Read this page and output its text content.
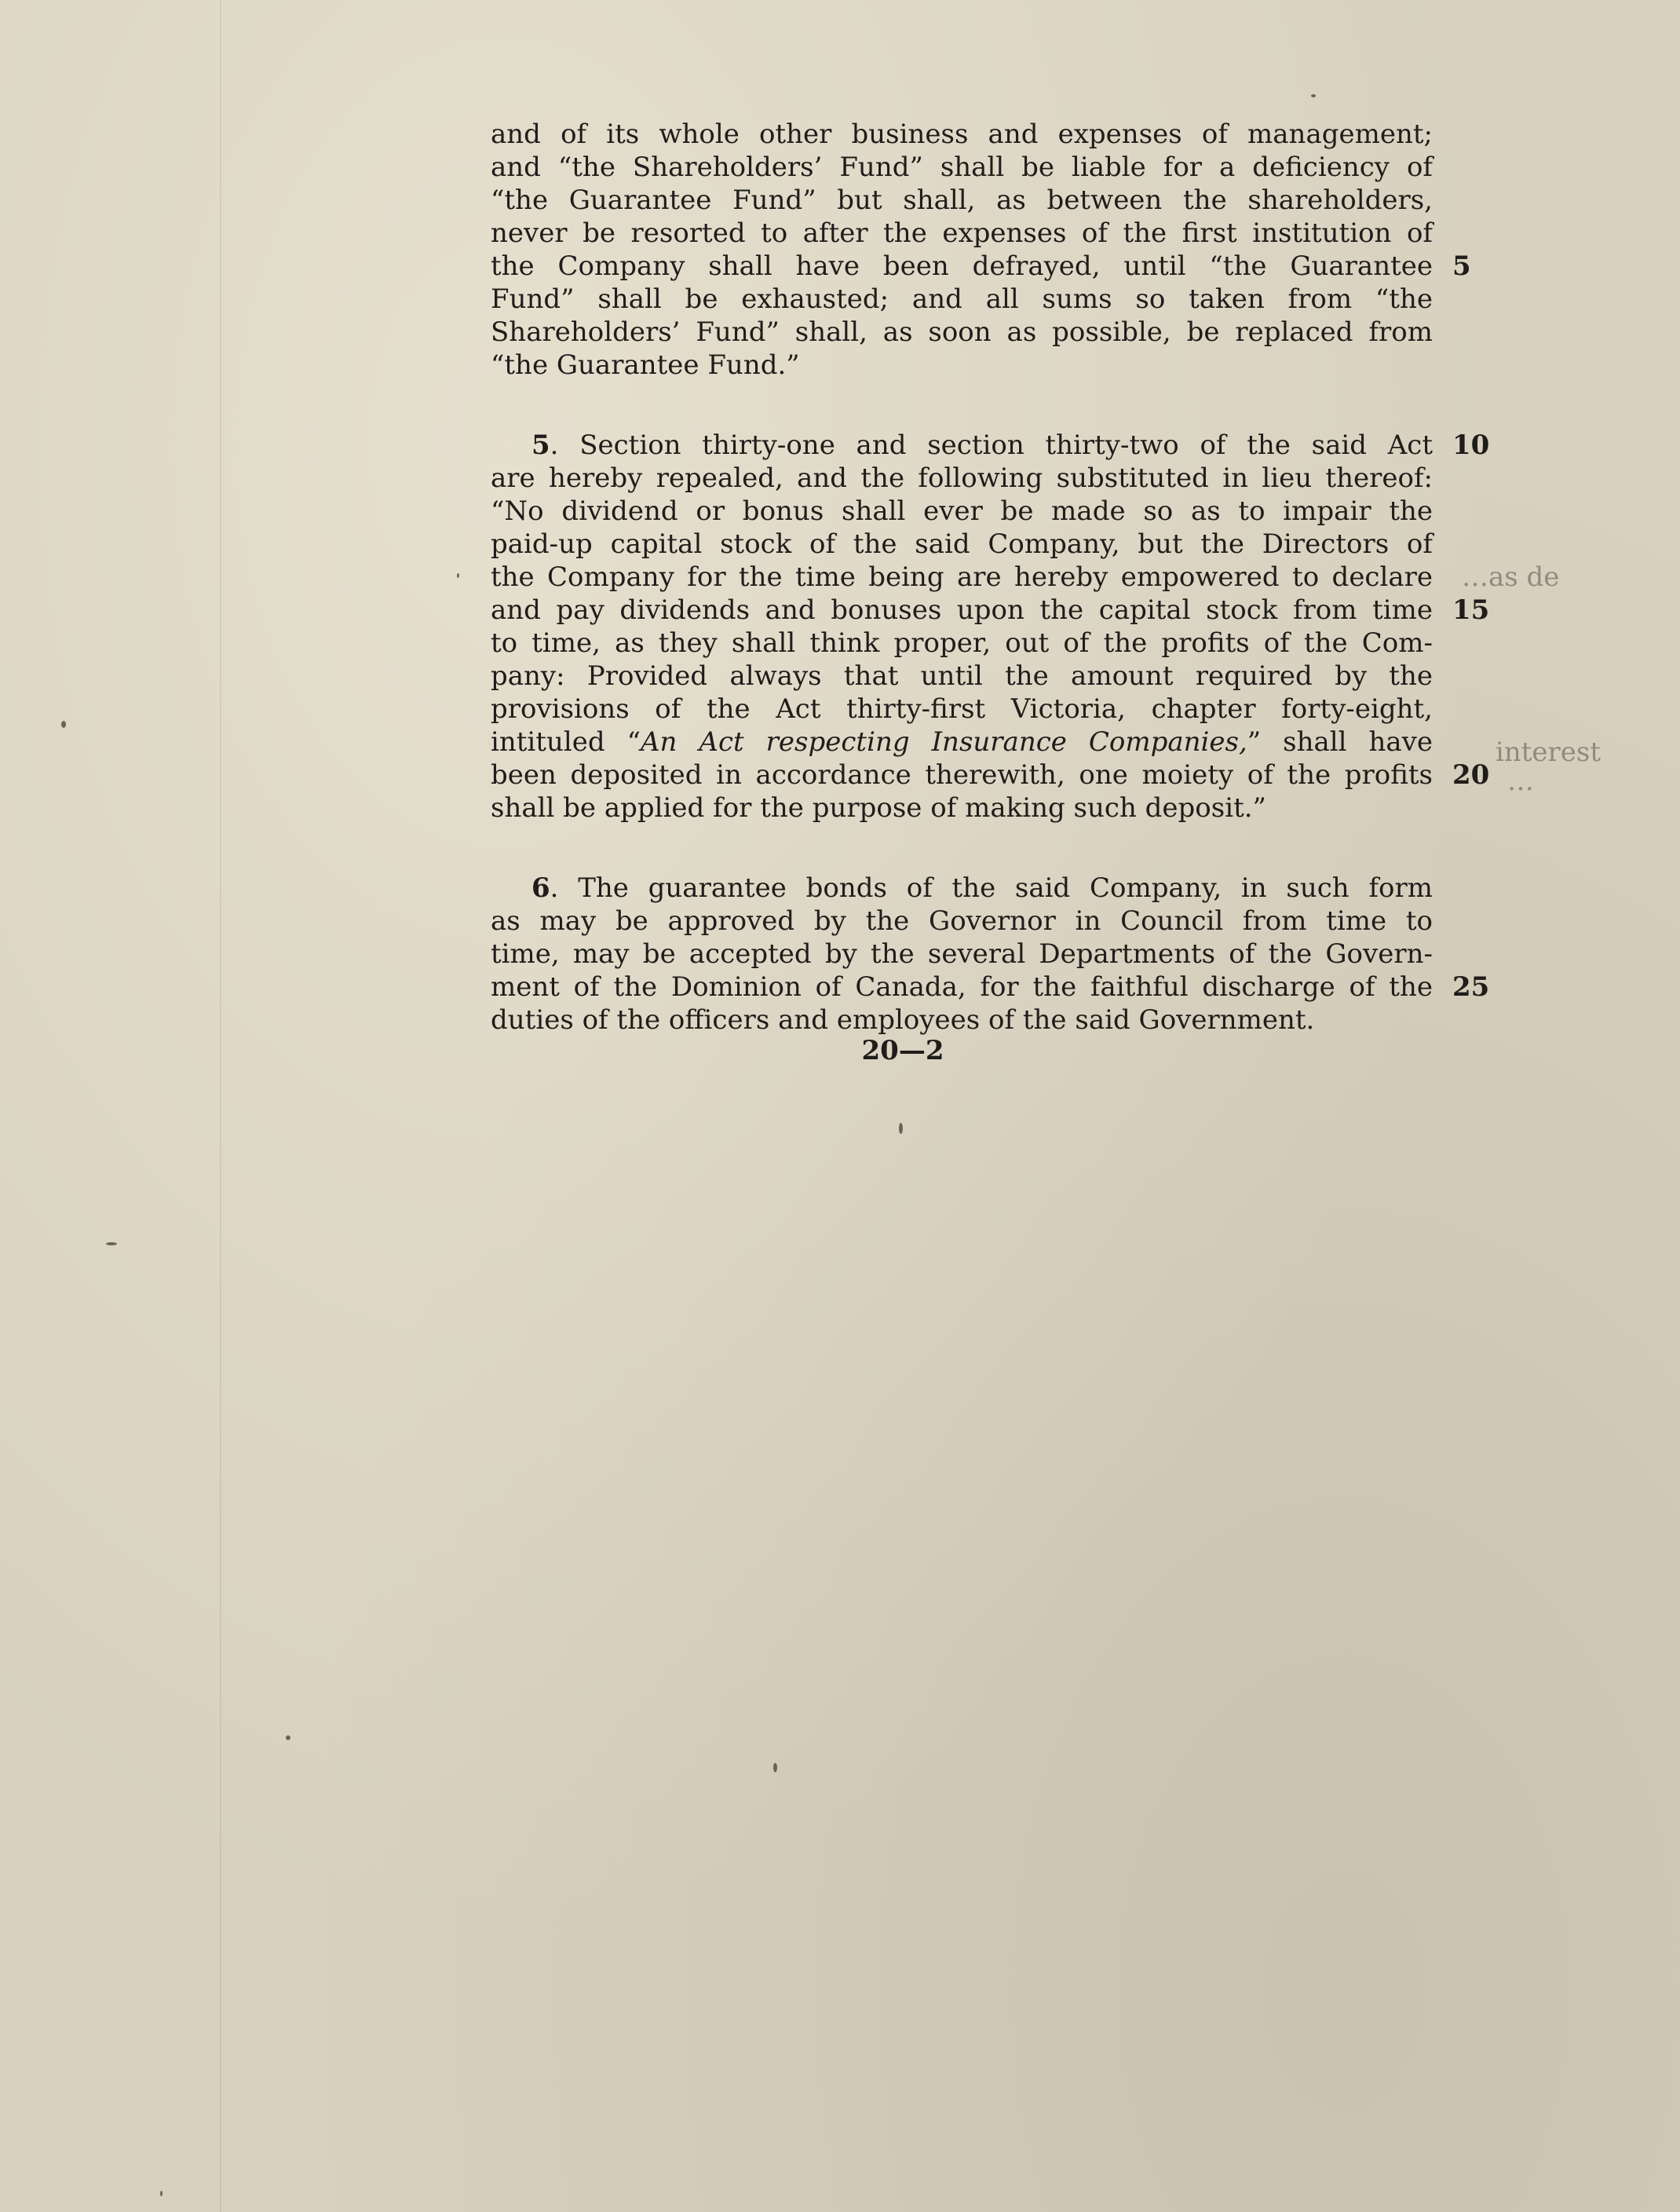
and of its whole other business and expenses of management;
and “the Shareholders’ Fund” shall be liable for a deficiency of
“the Guarantee Fund” but shall, as between the shareholders,
never be resorted to after the expenses of the first institution of
the Company shall have been defrayed, until “the Guarantee 5
Fund” shall be exhausted; and all sums so taken from “the
Shareholders’ Fund” shall, as soon as possible, be replaced from
“the Guarantee Fund.”
5. Section thirty-one and section thirty-two of the said Act 10
are hereby repealed, and the following substituted in lieu thereof:
“No dividend or bonus shall ever be made so as to impair the
paid-up capital stock of the said Company, but the Directors of
the Company for the time being are hereby empowered to declare
and pay dividends and bonuses upon the capital stock from time 15
to time, as they shall think proper, out of the profits of the Com-
pany: Provided always that until the amount required by the
provisions of the Act thirty-first Victoria, chapter forty-eight,
intituled “An Act respecting Insurance Companies,” shall have
been deposited in accordance therewith, one moiety of the profits 20
shall be applied for the purpose of making such deposit.”
6. The guarantee bonds of the said Company, in such form
as may be approved by the Governor in Council from time to
time, may be accepted by the several Departments of the Govern-
ment of the Dominion of Canada, for the faithful discharge of the 25
duties of the officers and employees of the said Government.
20—2
…as de
interest
…
